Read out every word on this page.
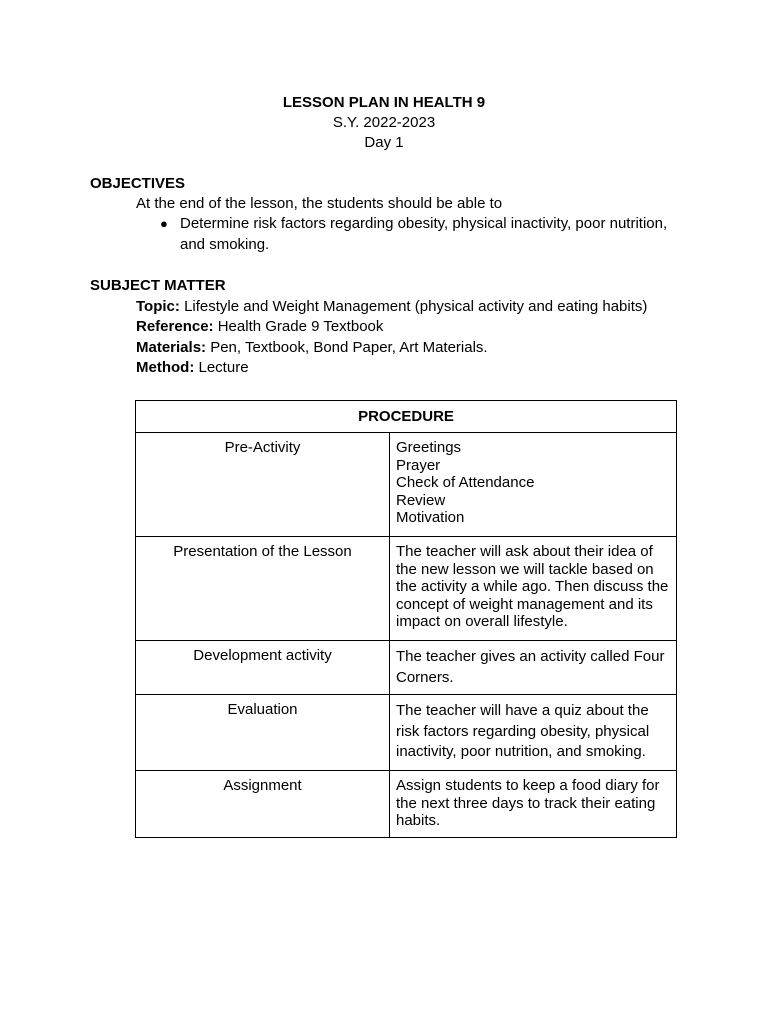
LESSON PLAN IN HEALTH 9
S.Y. 2022-2023
Day 1
OBJECTIVES
At the end of the lesson, the students should be able to
● Determine risk factors regarding obesity, physical inactivity, poor nutrition, and smoking.
SUBJECT MATTER
Topic: Lifestyle and Weight Management (physical activity and eating habits)
Reference: Health Grade 9 Textbook
Materials: Pen, Textbook, Bond Paper, Art Materials.
Method: Lecture
PROCEDURE	
Pre-Activity	Greetings
Prayer
Check of Attendance
Review
Motivation

Presentation of the Lesson	The teacher will ask about their idea of the new lesson we will tackle based on the activity a while ago. Then discuss the concept of weight management and its impact on overall lifestyle.
Development activity	The teacher gives an activity called Four Corners.
Evaluation	The teacher will have a quiz about the risk factors regarding obesity, physical inactivity, poor nutrition, and smoking.
Assignment	Assign students to keep a food diary for the next three days to track their eating habits.
